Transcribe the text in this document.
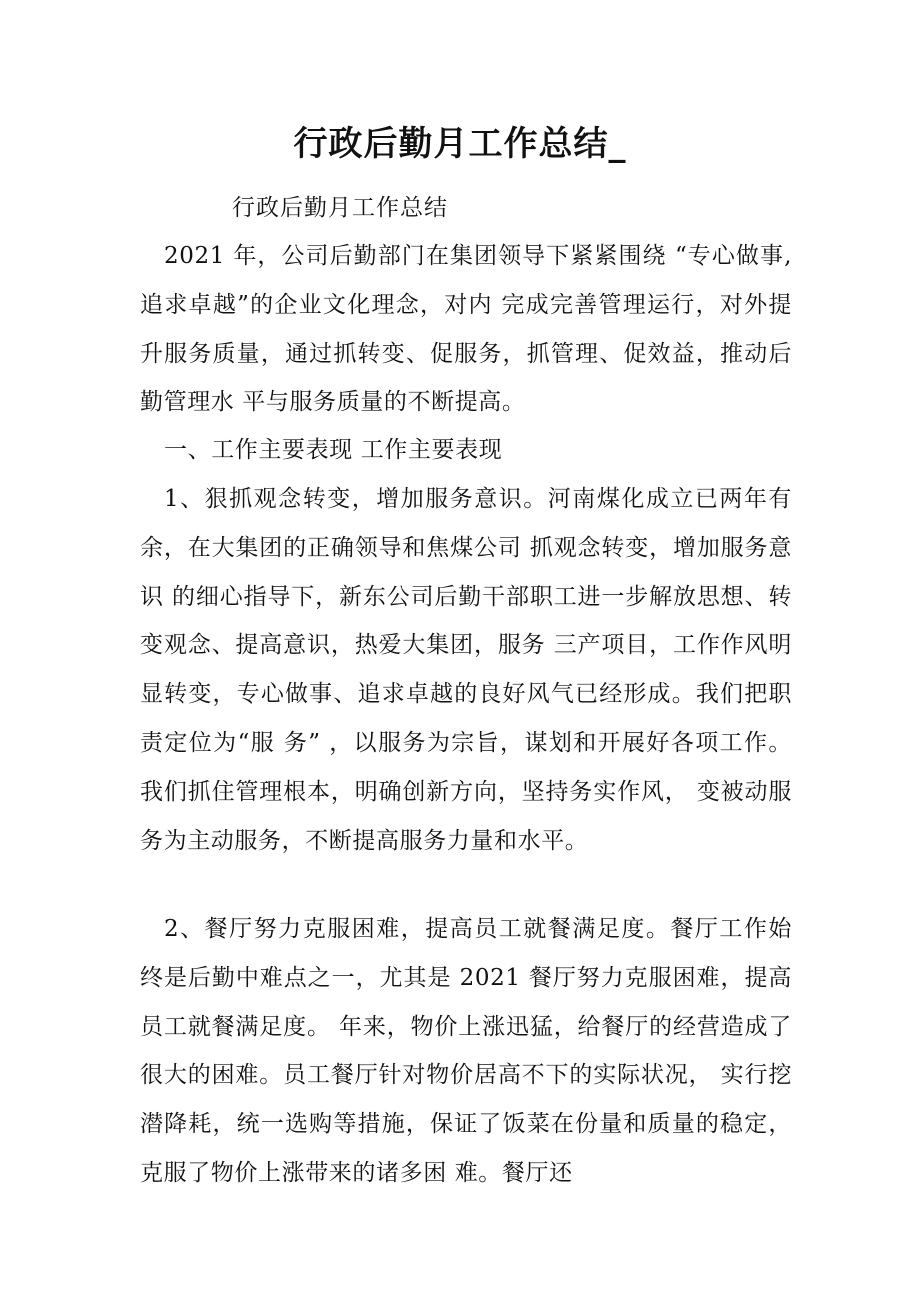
行政后勤月工作总结_

行政后勤月工作总结

2021 年，公司后勤部门在集团领导下紧紧围绕 “专心做事,追求卓越”的企业文化理念，对内 完成完善管理运行，对外提升服务质量，通过抓转变、促服务，抓管理、促效益，推动后勤管理水 平与服务质量的不断提高。

一、工作主要表现 工作主要表现

1、狠抓观念转变，增加服务意识。河南煤化成立已两年有余，在大集团的正确领导和焦煤公司 抓观念转变，增加服务意识 的细心指导下，新东公司后勤干部职工进一步解放思想、转变观念、提高意识，热爱大集团，服务 三产项目，工作作风明显转变，专心做事、追求卓越的良好风气已经形成。我们把职责定位为“服 务” ，以服务为宗旨，谋划和开展好各项工作。我们抓住管理根本，明确创新方向，坚持务实作风， 变被动服务为主动服务，不断提高服务力量和水平。

2、餐厅努力克服困难，提高员工就餐满足度。餐厅工作始终是后勤中难点之一，尤其是 2021 餐厅努力克服困难，提高员工就餐满足度。 年来，物价上涨迅猛，给餐厅的经营造成了很大的困难。员工餐厅针对物价居高不下的实际状况， 实行挖潜降耗，统一选购等措施，保证了饭菜在份量和质量的稳定，克服了物价上涨带来的诸多困 难。餐厅还
